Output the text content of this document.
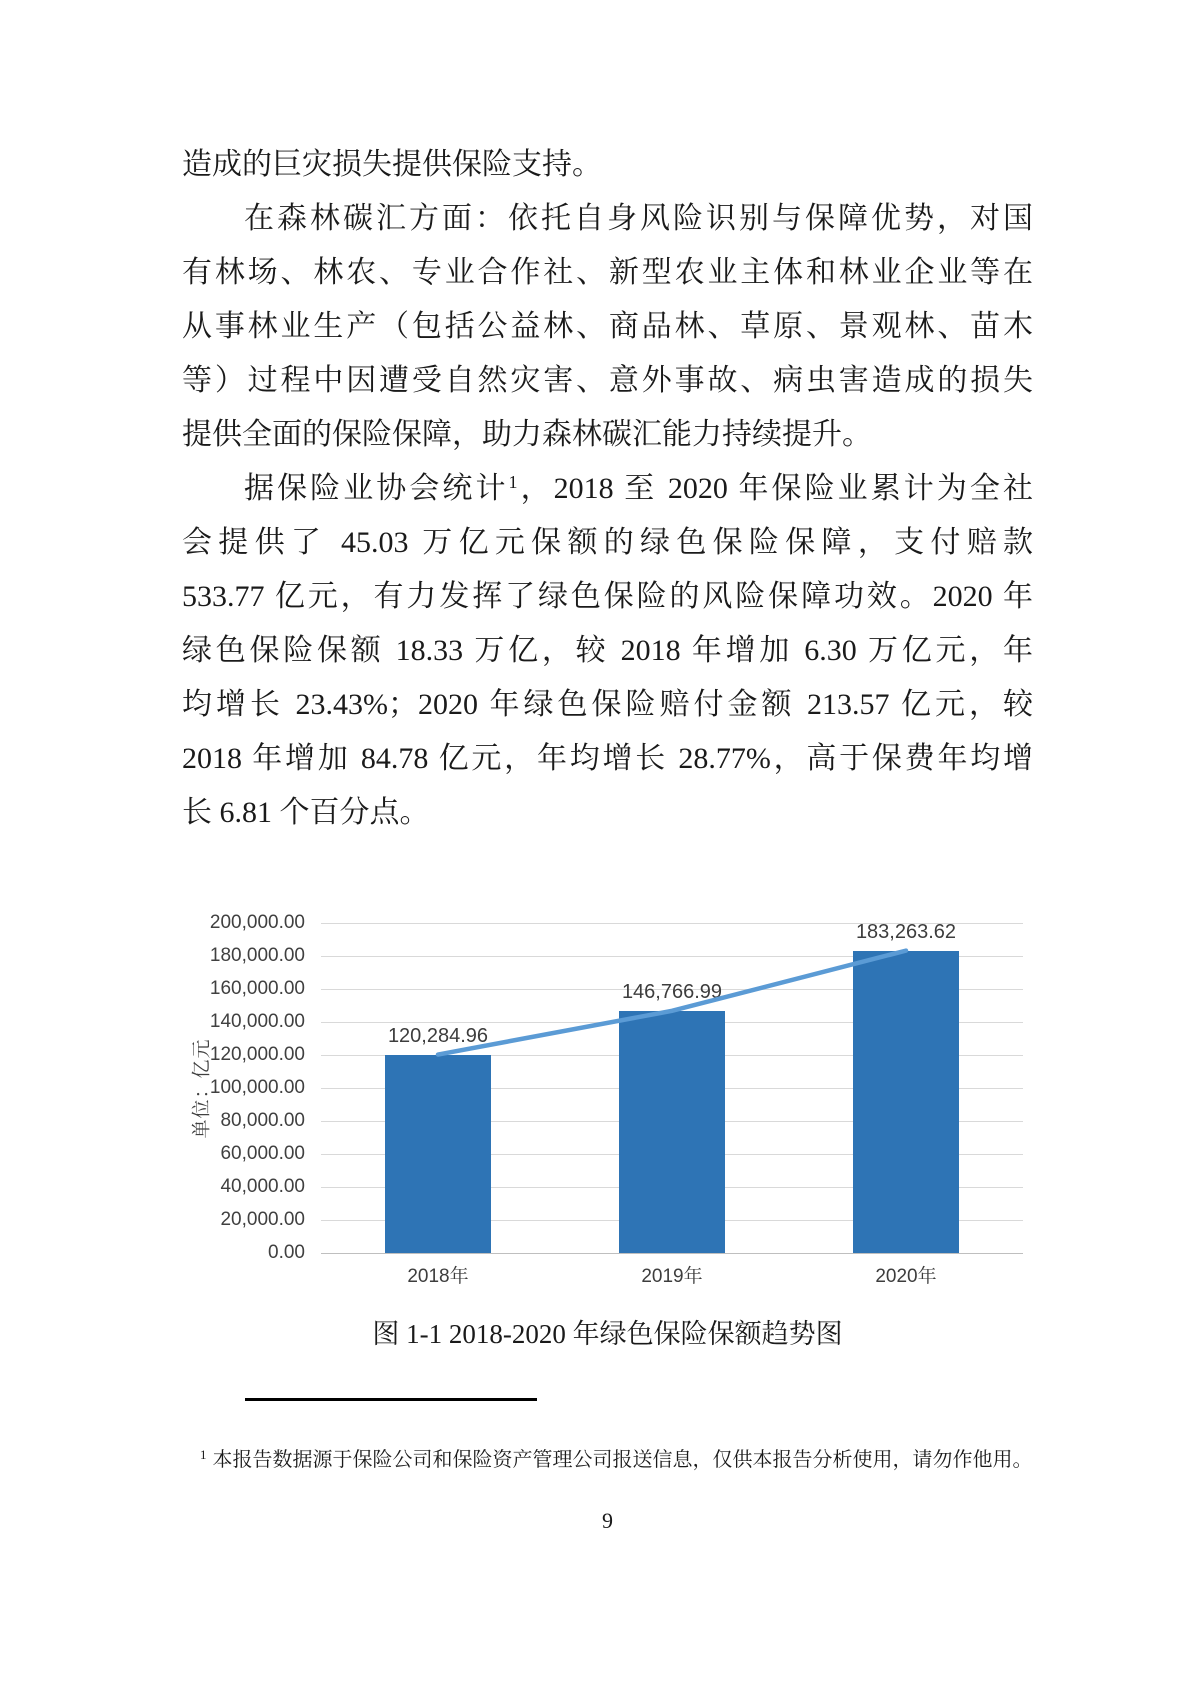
造成的巨灾损失提供保险支持。
在森林碳汇方面：依托自身风险识别与保障优势，对国
有林场、林农、专业合作社、新型农业主体和林业企业等在
从事林业生产（包括公益林、商品林、草原、景观林、苗木
等）过程中因遭受自然灾害、意外事故、病虫害造成的损失
提供全面的保险保障，助力森林碳汇能力持续提升。
据保险业协会统计$^1$，2018 至 2020 年保险业累计为全社
会提供了 45.03 万亿元保额的绿色保险保障，支付赔款
533.77 亿元，有力发挥了绿色保险的风险保障功效。2020 年
绿色保险保额 18.33 万亿，较 2018 年增加 6.30 万亿元，年
均增长 23.43%；2020 年绿色保险赔付金额 213.57 亿元，较
2018 年增加 84.78 亿元，年均增长 28.77%，高于保费年均增
长 6.81 个百分点。
单位：亿元
200,000.00
180,000.00
160,000.00
140,000.00
120,000.00
100,000.00
80,000.00
60,000.00
40,000.00
20,000.00
0.00
120,284.96
146,766.99
183,263.62
2018年	2019年	2020年
图 1-1 2018-2020 年绿色保险保额趋势图
$^1$ 本报告数据源于保险公司和保险资产管理公司报送信息，仅供本报告分析使用，请勿作他用。
9
